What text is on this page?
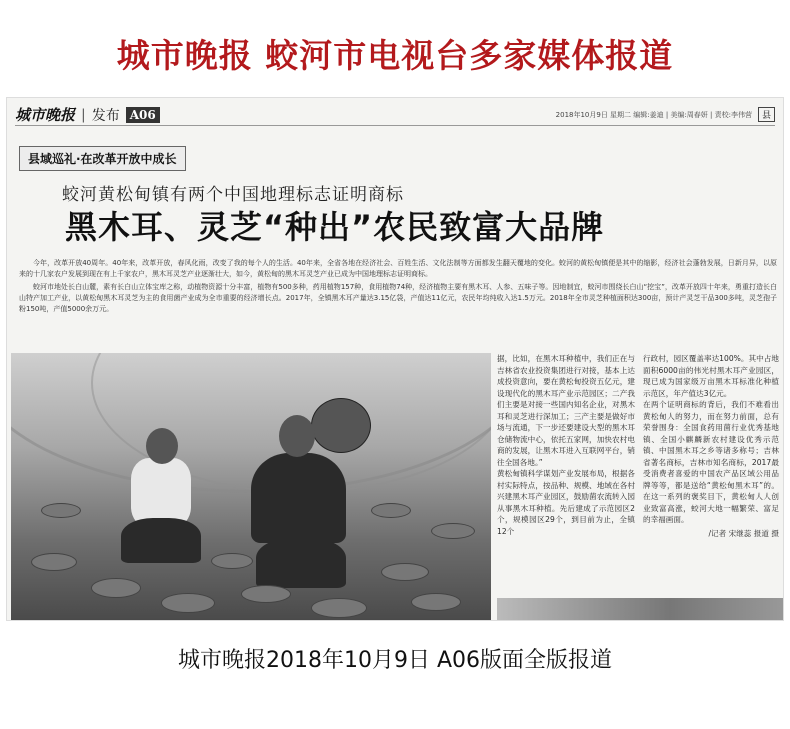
城市晚报 蛟河市电视台多家媒体报道
城市晚报 | 发布 A06	2018年10月9日 星期二 编辑:姜迪 | 美编:周春妍 | 责校:李伟营	县
县域巡礼·在改革开放中成长
蛟河黄松甸镇有两个中国地理标志证明商标
黑木耳、灵芝“种出”农民致富大品牌

今年，改革开放40周年。40年来，改革开放，春风化雨，改变了我的每个人的生活。40年来，全省各地在经济社会、百姓生活、文化法制等方面都发生翻天覆地的变化。蛟河的黄松甸镇便是其中的缩影，经济社会蓬勃发展，日新月异，以原来的十几家农户发展到现在有上千家农户，黑木耳灵芝产业逐渐壮大，如今，黄松甸的黑木耳灵芝产业已成为中国地理标志证明商标。

蛟河市地处长白山麓，素有长白山立体宝库之称，动植物资源十分丰富，植物有500多种，药用植物157种，食用植物74种，经济植物主要有黑木耳、人参、五味子等。因地制宜，蛟河市围绕长白山“挖宝”，改革开放四十年来，勇重打造长白山特产加工产业，以黄松甸黑木耳灵芝为主的食用菌产业成为全市重要的经济增长点。2017年，全镇黑木耳产量达3.15亿袋，产值达11亿元，农民年均纯收入达1.5万元。2018年全市灵芝种植面积达300亩，预计产灵芝干品300多吨，灵芝孢子粉150吨，产值5000余万元。

据，比如，在黑木耳种植中，我们正在与吉林省农业投资集团进行对接，基本上达成投资意向，要在黄松甸投资五亿元，建设现代化的黑木耳产业示范园区；二产我们主要是对接一些国内知名企业，对黑木耳和灵芝进行深加工；三产主要是做好市场与流通，下一步还要建设大型的黑木耳仓储物流中心，依托五家网，加快农村电商的发展，让黑木耳进入互联网平台，销往全国各地。”
黄松甸镇科学谋划产业发展布局，根据各村实际特点，按品种、规模、地域在各村兴建黑木耳产业园区，鼓励菌农流转入园从事黑木耳种植。先后建成了示范园区2个，规模园区29个，到目前为止，全镇12个
行政村，园区覆盖率达100%。其中占地面积6000亩的伟光村黑木耳产业园区，现已成为国家级万亩黑木耳标准化种植示范区，年产值达3亿元。
在两个证明商标的背后，我们不难看出黄松甸人的努力，而在努力前面，总有荣誉围身：全国食药用菌行业优秀基地镇、全国小麒麟新农村建设优秀示范镇、中国黑木耳之乡等诸多称号；吉林省著名商标，吉林市知名商标，2017最受消费者喜爱的中国农产品区域公用品牌等等，都是送给“黄松甸黑木耳”的。在这一系列的褒奖目下，黄松甸人人创业致富高涨，蛟河大地一幅繁荣、富足的幸福画面。
/记者 宋继蕊 报道 摄
城市晚报2018年10月9日 A06版面全版报道
